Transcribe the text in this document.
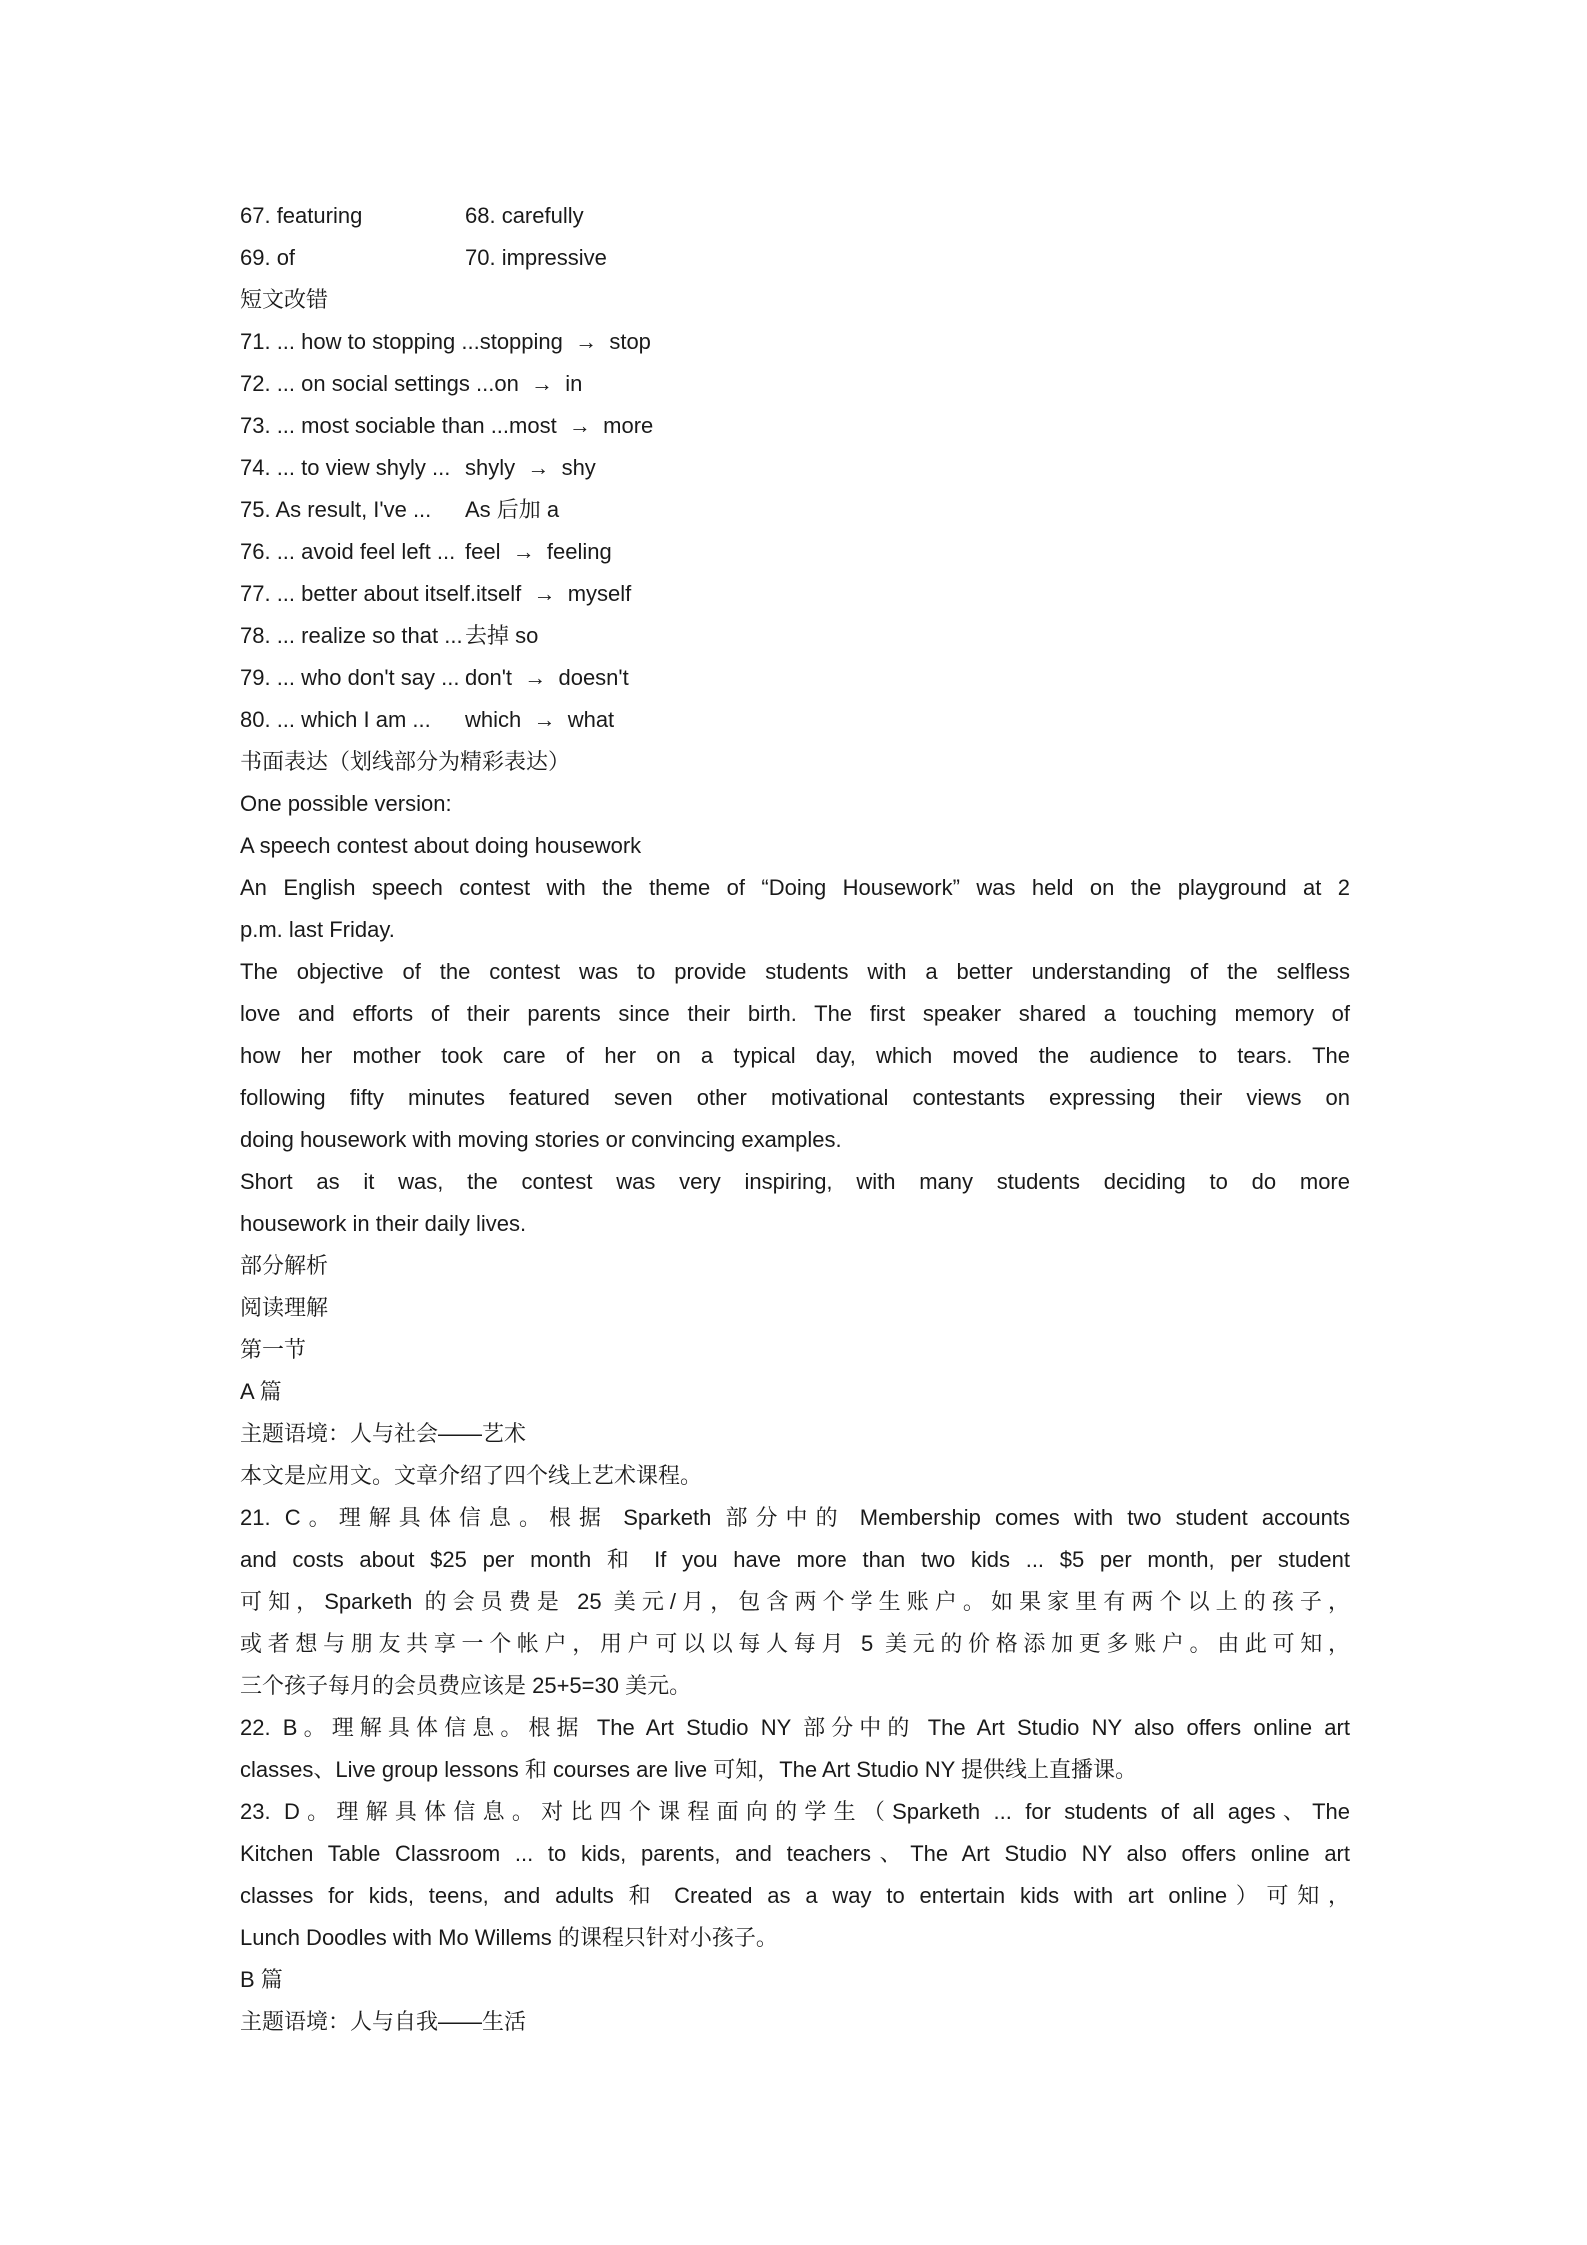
67. featuring	68. carefully
69. of	70. impressive
短文改错
71. ... how to stopping ...stopping  →  stop
72. ... on social settings ...on  →  in
73. ... most sociable than ...most  →  more
74. ... to view shyly ... shyly  →  shy
75. As result, I've ... As 后加 a
76. ... avoid feel left ... feel  →  feeling
77. ... better about itself.itself  →  myself
78. ... realize so that ... 去掉 so
79. ... who don't say ... don't  →  doesn't
80. ... which I am ... which  →  what
书面表达（划线部分为精彩表达）
One possible version:
A speech contest about doing housework
An English speech contest with the theme of “Doing Housework” was held on the playground at 2
p.m. last Friday.
The objective of the contest was to provide students with a better understanding of the selfless
love and efforts of their parents since their birth. The first speaker shared a touching memory of
how her mother took care of her on a typical day, which moved the audience to tears. The
following fifty minutes featured seven other motivational contestants expressing their views on
doing housework with moving stories or convincing examples.
Short as it was, the contest was very inspiring, with many students deciding to do more
housework in their daily lives.
部分解析
阅读理解
第一节
A 篇
主题语境：人与社会——艺术
本文是应用文。文章介绍了四个线上艺术课程。
21. C。理解具体信息。根据 Sparketh 部分中的 Membership comes with two student accounts
and costs about $25 per month 和 If you have more than two kids ... $5 per month, per student
可知，Sparketh 的会员费是 25 美元/月，包含两个学生账户。如果家里有两个以上的孩子，
或者想与朋友共享一个帐户，用户可以以每人每月 5 美元的价格添加更多账户。由此可知，
三个孩子每月的会员费应该是 25+5=30 美元。
22. B。理解具体信息。根据 The Art Studio NY 部分中的 The Art Studio NY also offers online art
classes、Live group lessons 和 courses are live 可知，The Art Studio NY 提供线上直播课。
23. D。理解具体信息。对比四个课程面向的学生（Sparketh ... for students of all ages、The
Kitchen Table Classroom ... to kids, parents, and teachers、The Art Studio NY also offers online art
classes for kids, teens, and adults 和 Created as a way to entertain kids with art online）可知，
Lunch Doodles with Mo Willems 的课程只针对小孩子。
B 篇
主题语境：人与自我——生活
